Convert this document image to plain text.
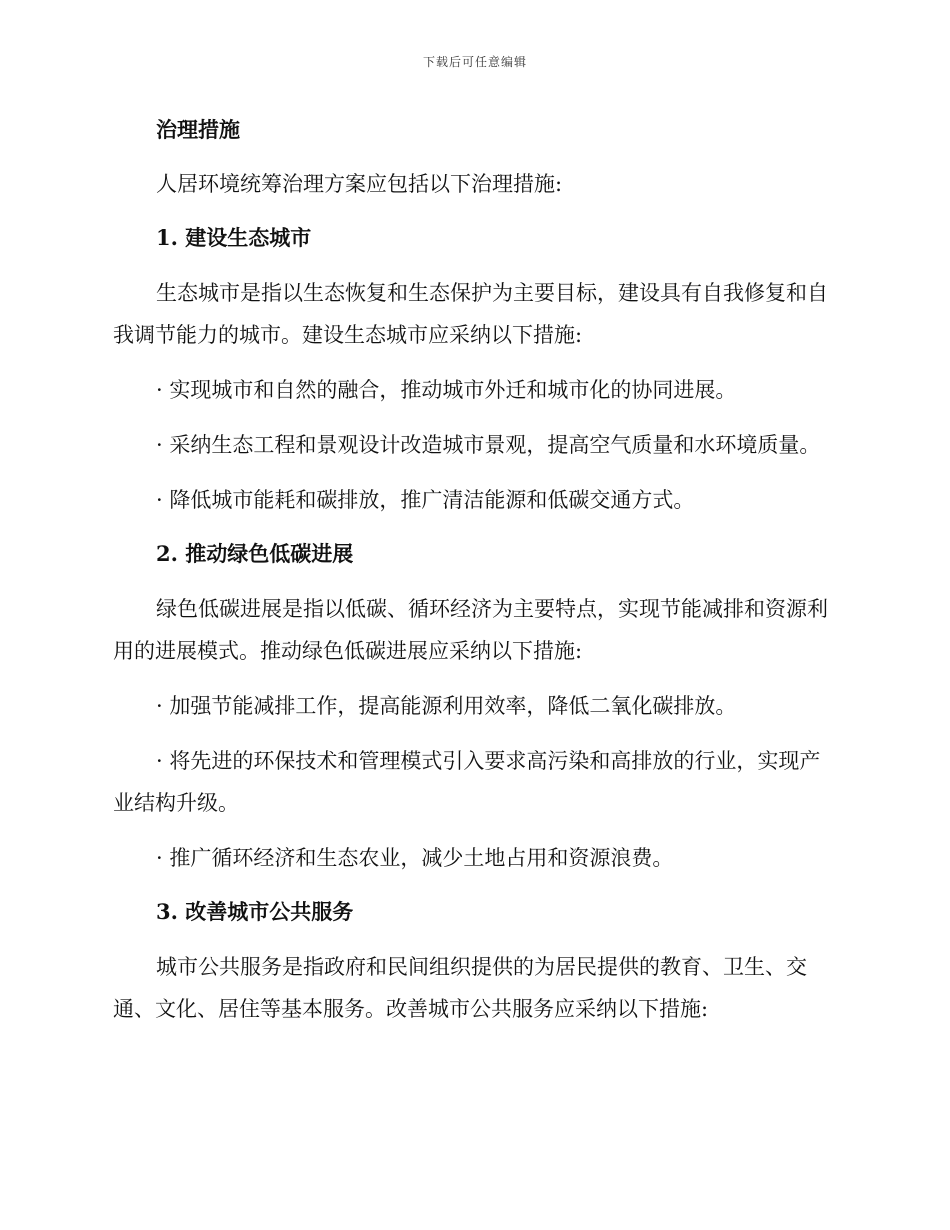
下载后可任意编辑

治理措施

人居环境统筹治理方案应包括以下治理措施:

1. 建设生态城市

生态城市是指以生态恢复和生态保护为主要目标，建设具有自我修复和自我调节能力的城市。建设生态城市应采纳以下措施:

· 实现城市和自然的融合，推动城市外迁和城市化的协同进展。

· 采纳生态工程和景观设计改造城市景观，提高空气质量和水环境质量。

· 降低城市能耗和碳排放，推广清洁能源和低碳交通方式。

2. 推动绿色低碳进展

绿色低碳进展是指以低碳、循环经济为主要特点，实现节能减排和资源利用的进展模式。推动绿色低碳进展应采纳以下措施:

· 加强节能减排工作，提高能源利用效率，降低二氧化碳排放。

· 将先进的环保技术和管理模式引入要求高污染和高排放的行业，实现产业结构升级。

· 推广循环经济和生态农业，减少土地占用和资源浪费。

3. 改善城市公共服务

城市公共服务是指政府和民间组织提供的为居民提供的教育、卫生、交通、文化、居住等基本服务。改善城市公共服务应采纳以下措施:
